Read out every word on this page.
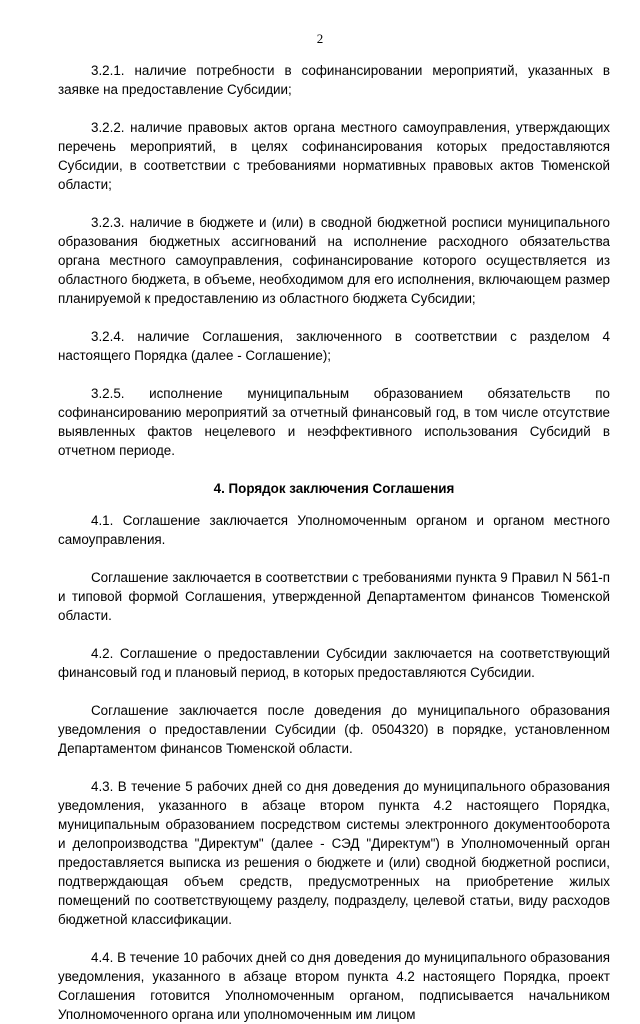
2

3.2.1. наличие потребности в софинансировании мероприятий, указанных в заявке на предоставление Субсидии;

3.2.2. наличие правовых актов органа местного самоуправления, утверждающих перечень мероприятий, в целях софинансирования которых предоставляются Субсидии, в соответствии с требованиями нормативных правовых актов Тюменской области;

3.2.3. наличие в бюджете и (или) в сводной бюджетной росписи муниципального образования бюджетных ассигнований на исполнение расходного обязательства органа местного самоуправления, софинансирование которого осуществляется из областного бюджета, в объеме, необходимом для его исполнения, включающем размер планируемой к предоставлению из областного бюджета Субсидии;

3.2.4. наличие Соглашения, заключенного в соответствии с разделом 4 настоящего Порядка (далее - Соглашение);

3.2.5. исполнение муниципальным образованием обязательств по софинансированию мероприятий за отчетный финансовый год, в том числе отсутствие выявленных фактов нецелевого и неэффективного использования Субсидий в отчетном периоде.

4. Порядок заключения Соглашения

4.1. Соглашение заключается Уполномоченным органом и органом местного самоуправления.

Соглашение заключается в соответствии с требованиями пункта 9 Правил N 561-п и типовой формой Соглашения, утвержденной Департаментом финансов Тюменской области.

4.2. Соглашение о предоставлении Субсидии заключается на соответствующий финансовый год и плановый период, в которых предоставляются Субсидии.

Соглашение заключается после доведения до муниципального образования уведомления о предоставлении Субсидии (ф. 0504320) в порядке, установленном Департаментом финансов Тюменской области.

4.3. В течение 5 рабочих дней со дня доведения до муниципального образования уведомления, указанного в абзаце втором пункта 4.2 настоящего Порядка, муниципальным образованием посредством системы электронного документооборота и делопроизводства "Директум" (далее - СЭД "Директум") в Уполномоченный орган предоставляется выписка из решения о бюджете и (или) сводной бюджетной росписи, подтверждающая объем средств, предусмотренных на приобретение жилых помещений по соответствующему разделу, подразделу, целевой статьи, виду расходов бюджетной классификации.

4.4. В течение 10 рабочих дней со дня доведения до муниципального образования уведомления, указанного в абзаце втором пункта 4.2 настоящего Порядка, проект Соглашения готовится Уполномоченным органом, подписывается начальником Уполномоченного органа или уполномоченным им лицом
